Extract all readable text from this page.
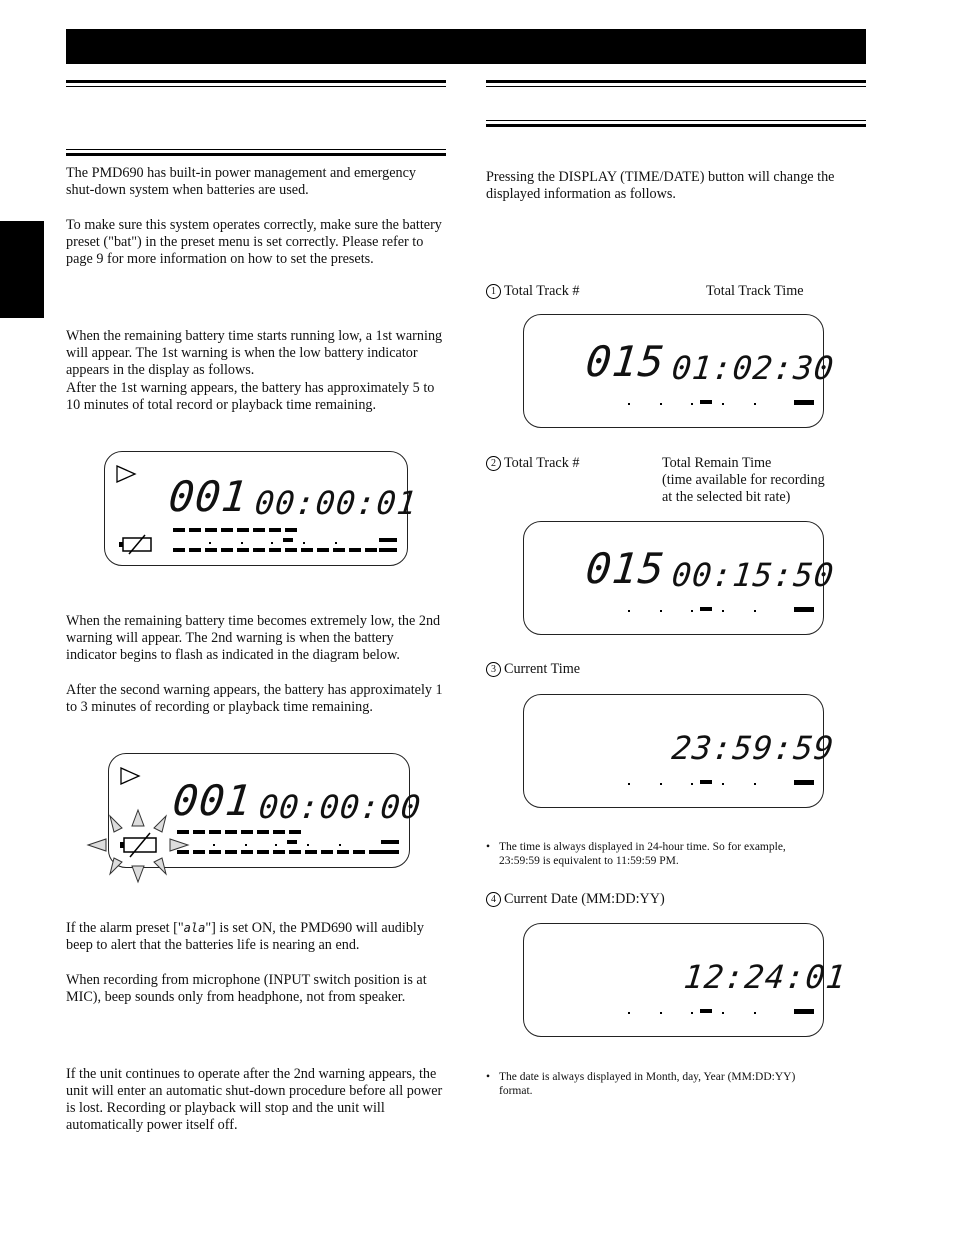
The PMD690 has built-in power management and emergency shut-down system when batteries are used.

To make sure this system operates correctly, make sure the battery preset ("bat") in the preset menu is set correctly. Please refer to page 9 for more information on how to set the presets.

When the remaining battery time starts running low, a 1st warning will appear. The 1st warning is when the low battery indicator appears in the display as follows.

After the 1st warning appears, the battery has approximately 5 to 10 minutes of total record or playback time remaining.

001 00:00:01

When the remaining battery time becomes extremely low, the 2nd warning will appear. The 2nd warning is when the battery indicator begins to flash as indicated in the diagram below.

After the second warning appears, the battery has approximately 1 to 3 minutes of recording or playback time remaining.

001 00:00:00

If the alarm preset ["ala"] is set ON, the PMD690 will audibly beep to alert that the batteries life is nearing an end.

When recording from microphone (INPUT switch position is at MIC), beep sounds only from headphone, not from speaker.

If the unit continues to operate after the 2nd warning appears, the unit will enter an automatic shut-down procedure before all power is lost. Recording or playback will stop and the unit will automatically power itself off.

Pressing the DISPLAY (TIME/DATE) button will change the displayed information as follows.

1 Total Track #	Total Track Time
015 01:02:30
2 Total Track #	Total Remain Time
(time available for recording
at the selected bit rate)
015 00:15:50
3 Current Time
23:59:59
• The time is always displayed in 24-hour time. So for example,
23:59:59 is equivalent to 11:59:59 PM.
4 Current Date (MM:DD:YY)
12:24:01
• The date is always displayed in Month, day, Year (MM:DD:YY)
format.
